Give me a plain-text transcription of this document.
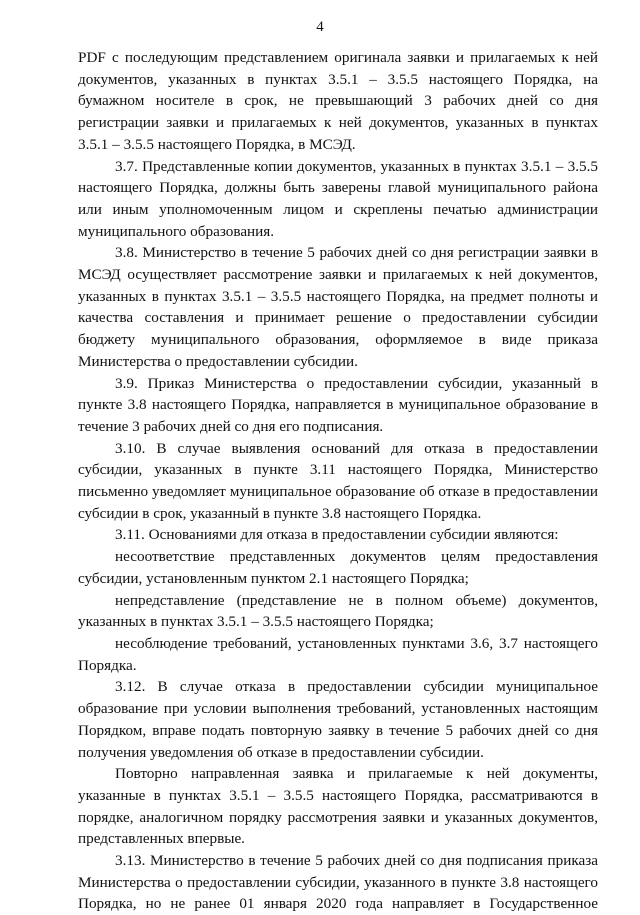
4

PDF с последующим представлением оригинала заявки и прилагаемых к ней документов, указанных в пунктах 3.5.1 – 3.5.5 настоящего Порядка, на бумажном носителе в срок, не превышающий 3 рабочих дней со дня регистрации заявки и прилагаемых к ней документов, указанных в пунктах 3.5.1 – 3.5.5 настоящего Порядка, в МСЭД.

3.7. Представленные копии документов, указанных в пунктах 3.5.1 – 3.5.5 настоящего Порядка, должны быть заверены главой муниципального района или иным уполномоченным лицом и скреплены печатью администрации муниципального образования.

3.8. Министерство в течение 5 рабочих дней со дня регистрации заявки в МСЭД осуществляет рассмотрение заявки и прилагаемых к ней документов, указанных в пунктах 3.5.1 – 3.5.5 настоящего Порядка, на предмет полноты и качества составления и принимает решение о предоставлении субсидии бюджету муниципального образования, оформляемое в виде приказа Министерства о предоставлении субсидии.

3.9. Приказ Министерства о предоставлении субсидии, указанный в пункте 3.8 настоящего Порядка, направляется в муниципальное образование в течение 3 рабочих дней со дня его подписания.

3.10. В случае выявления оснований для отказа в предоставлении субсидии, указанных в пункте 3.11 настоящего Порядка, Министерство письменно уведомляет муниципальное образование об отказе в предоставлении субсидии в срок, указанный в пункте 3.8 настоящего Порядка.

3.11. Основаниями для отказа в предоставлении субсидии являются:

несоответствие представленных документов целям предоставления субсидии, установленным пунктом 2.1 настоящего Порядка;

непредставление (представление не в полном объеме) документов, указанных в пунктах 3.5.1 – 3.5.5 настоящего Порядка;

несоблюдение требований, установленных пунктами 3.6, 3.7 настоящего Порядка.

3.12. В случае отказа в предоставлении субсидии муниципальное образование при условии выполнения требований, установленных настоящим Порядком, вправе подать повторную заявку в течение 5 рабочих дней со дня получения уведомления об отказе в предоставлении субсидии.

Повторно направленная заявка и прилагаемые к ней документы, указанные в пунктах 3.5.1 – 3.5.5 настоящего Порядка, рассматриваются в порядке, аналогичном порядку рассмотрения заявки и указанных документов, представленных впервые.

3.13. Министерство в течение 5 рабочих дней со дня подписания приказа Министерства о предоставлении субсидии, указанного в пункте 3.8 настоящего Порядка, но не ранее 01 января 2020 года направляет в Государственное
